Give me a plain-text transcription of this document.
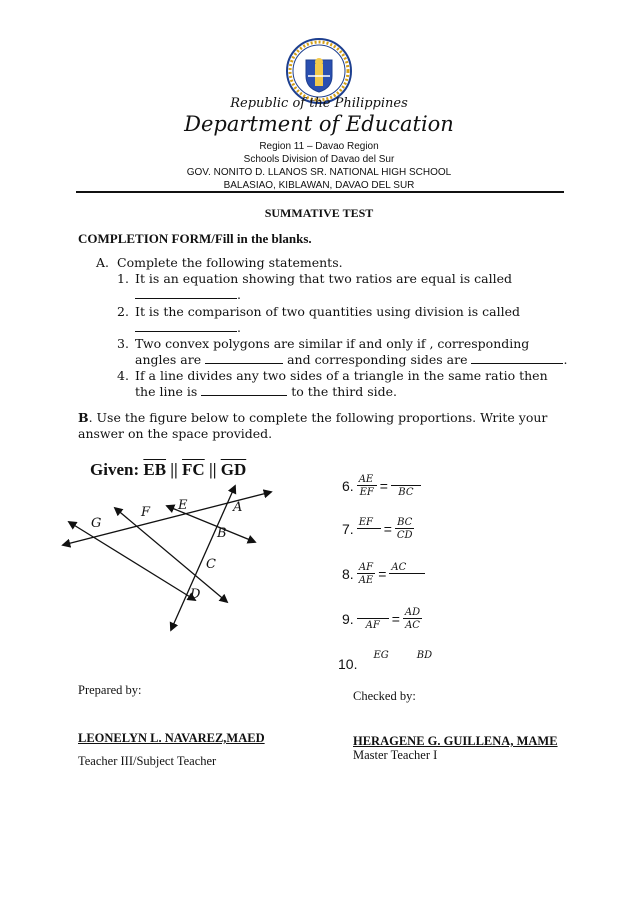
Republic of the Philippines
Department of Education
Region 11 – Davao Region
Schools Division of Davao del Sur
GOV. NONITO D. LLANOS SR. NATIONAL HIGH SCHOOL
BALASIAO, KIBLAWAN, DAVAO DEL SUR
SUMMATIVE TEST
COMPLETION FORM/Fill in the blanks.
A. Complete the following statements.
1. It is an equation showing that two ratios are equal is called
.
2. It is the comparison of two quantities using division is called
.
3. Two convex polygons are similar if and only if , corresponding
angles are	and corresponding sides are	.
4. If a line divides any two sides of a triangle in the same ratio then
the line is	to the third side.
B. Use the figure below to complete the following proportions. Write your
answer on the space provided.
Given: $\overline{EB}$ || $\overline{FC}$ || $\overline{GD}$
G
F E	A
B
C
D
6. $\frac{AE}{EF}$ = BC
7. EF = $\frac{BC}{CD}$
8. $\frac{AF}{AE}$ = AC
9. AF = $\frac{AD}{AC}$
10.
EG	BD
Prepared by:	Checked by:
LEONELYN L. NAVAREZ,MAED	HERAGENE G. GUILLENA, MAME
Teacher III/Subject Teacher	Master Teacher I
